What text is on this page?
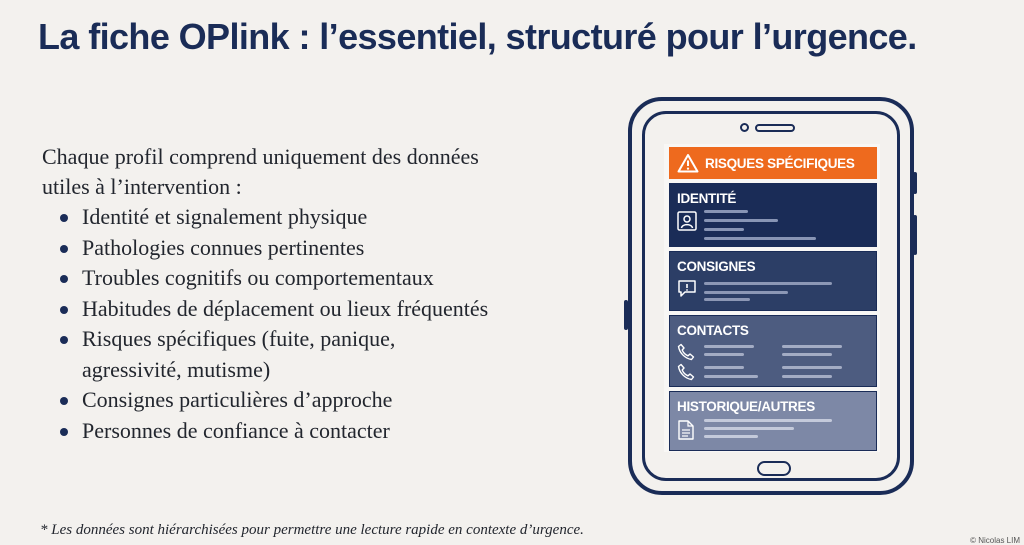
La fiche OPlink : l’essentiel, structuré pour l’urgence.
Chaque profil comprend uniquement des données utiles à l’intervention :
Identité et signalement physique
Pathologies connues pertinentes
Troubles cognitifs ou comportementaux
Habitudes de déplacement ou lieux fréquentés
Risques spécifiques (fuite, panique, agressivité, mutisme)
Consignes particulières d’approche
Personnes de confiance à contacter
* Les données sont hiérarchisées pour permettre une lecture rapide en contexte d’urgence.
© Nicolas LIM
RISQUES SPÉCIFIQUES
IDENTITÉ
CONSIGNES
CONTACTS
HISTORIQUE/AUTRES
